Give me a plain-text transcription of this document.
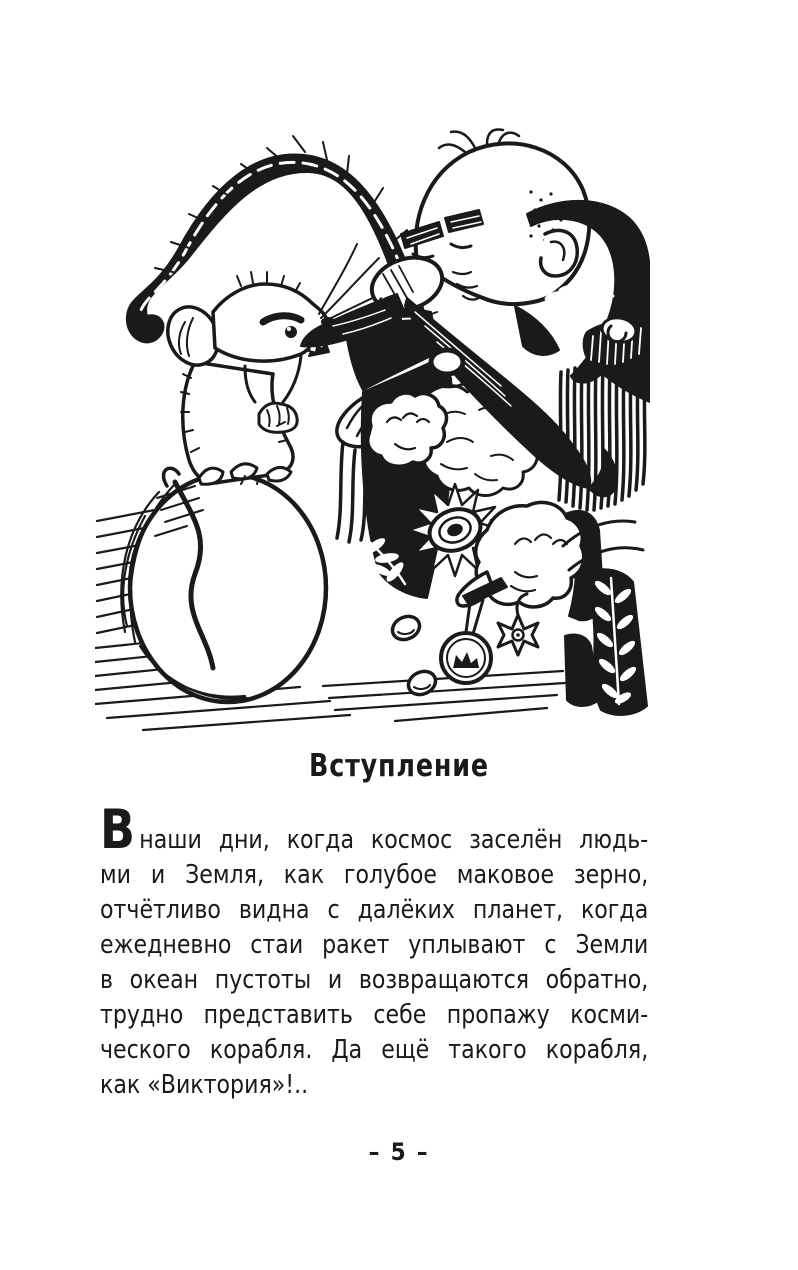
Вступление
Внаши дни, когда космос заселён людь-
ми и Земля, как голубое маковое зерно,
отчётливо видна с далёких планет, когда
ежедневно стаи ракет уплывают с Земли
в океан пустоты и возвращаются обратно,
трудно представить себе пропажу косми-
ческого корабля. Да ещё такого корабля,
как «Виктория»!..
– 5 –
